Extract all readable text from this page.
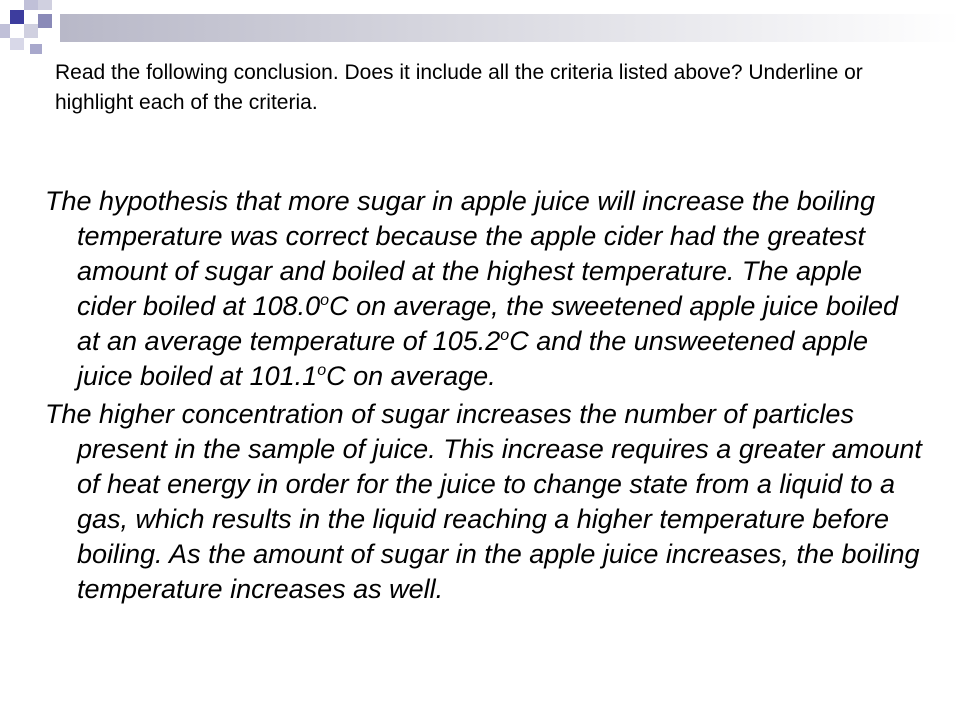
Read the following conclusion. Does it include all the criteria listed above? Underline or highlight each of the criteria.

The hypothesis that more sugar in apple juice will increase the boiling temperature was correct because the apple cider had the greatest amount of sugar and boiled at the highest temperature. The apple cider boiled at 108.0$^o$C on average, the sweetened apple juice boiled at an average temperature of 105.2$^o$C and the unsweetened apple juice boiled at 101.1$^o$C on average.

The higher concentration of sugar increases the number of particles present in the sample of juice. This increase requires a greater amount of heat energy in order for the juice to change state from a liquid to a gas, which results in the liquid reaching a higher temperature before boiling. As the amount of sugar in the apple juice increases, the boiling temperature increases as well.
